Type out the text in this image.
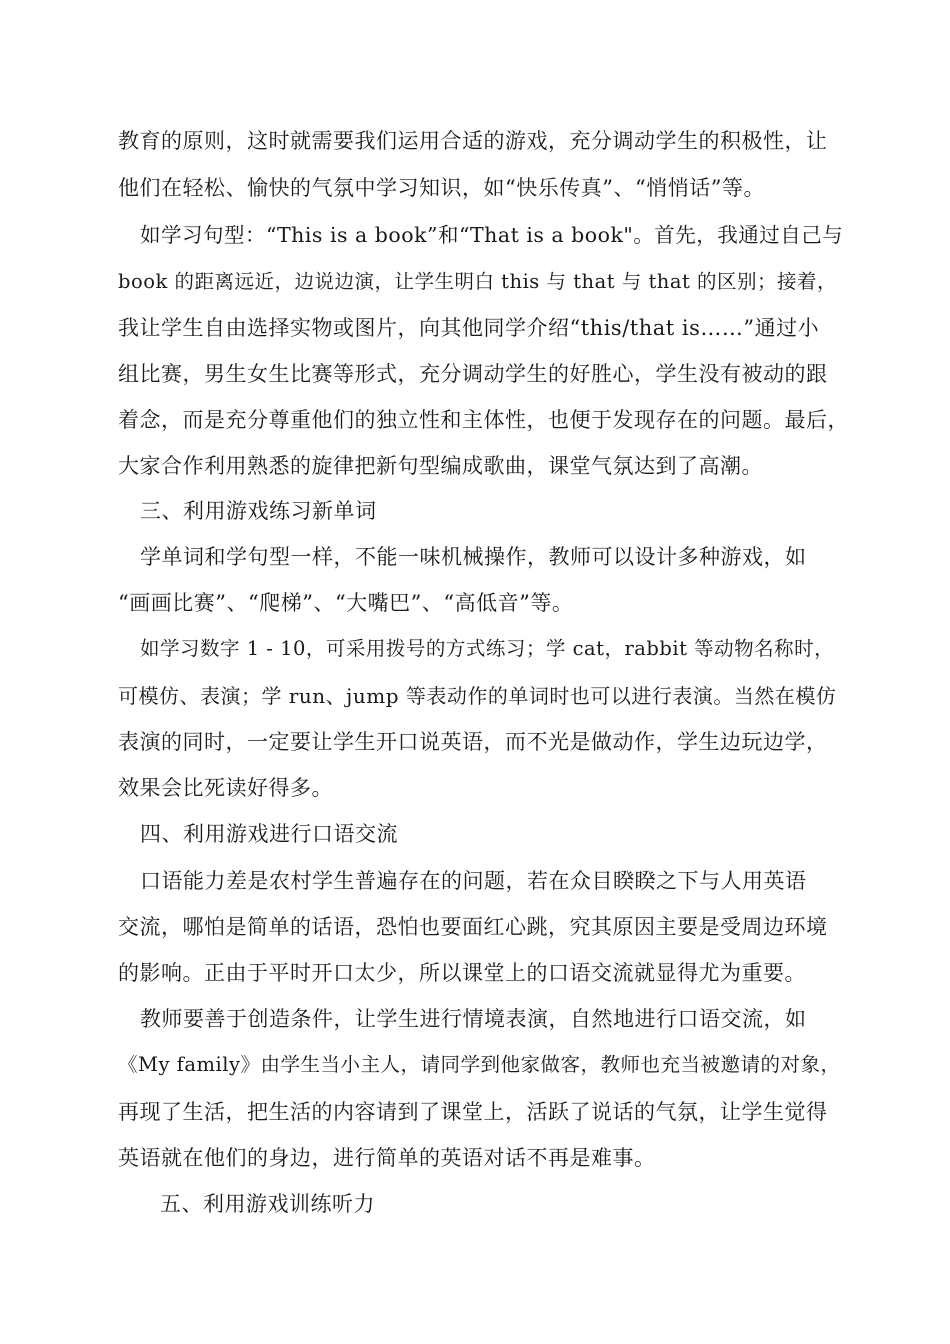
教育的原则，这时就需要我们运用合适的游戏，充分调动学生的积极性，让
他们在轻松、愉快的气氛中学习知识，如“快乐传真”、“悄悄话”等。
如学习句型：“This is a book”和“That is a book"。首先，我通过自己与
book 的距离远近，边说边演，让学生明白 this 与 that 与 that 的区别；接着，
我让学生自由选择实物或图片，向其他同学介绍“this/that is……”通过小
组比赛，男生女生比赛等形式，充分调动学生的好胜心，学生没有被动的跟
着念，而是充分尊重他们的独立性和主体性，也便于发现存在的问题。最后，
大家合作利用熟悉的旋律把新句型编成歌曲，课堂气氛达到了高潮。
三、利用游戏练习新单词
学单词和学句型一样，不能一味机械操作，教师可以设计多种游戏，如
“画画比赛”、“爬梯”、“大嘴巴”、“高低音”等。
如学习数字 1 - 10，可采用拨号的方式练习；学 cat，rabbit 等动物名称时，
可模仿、表演；学 run、jump 等表动作的单词时也可以进行表演。当然在模仿
表演的同时，一定要让学生开口说英语，而不光是做动作，学生边玩边学，
效果会比死读好得多。
四、利用游戏进行口语交流
口语能力差是农村学生普遍存在的问题，若在众目睽睽之下与人用英语
交流，哪怕是简单的话语，恐怕也要面红心跳，究其原因主要是受周边环境
的影响。正由于平时开口太少，所以课堂上的口语交流就显得尤为重要。
教师要善于创造条件，让学生进行情境表演，自然地进行口语交流，如
《My family》由学生当小主人，请同学到他家做客，教师也充当被邀请的对象，
再现了生活，把生活的内容请到了课堂上，活跃了说话的气氛，让学生觉得
英语就在他们的身边，进行简单的英语对话不再是难事。
五、利用游戏训练听力
